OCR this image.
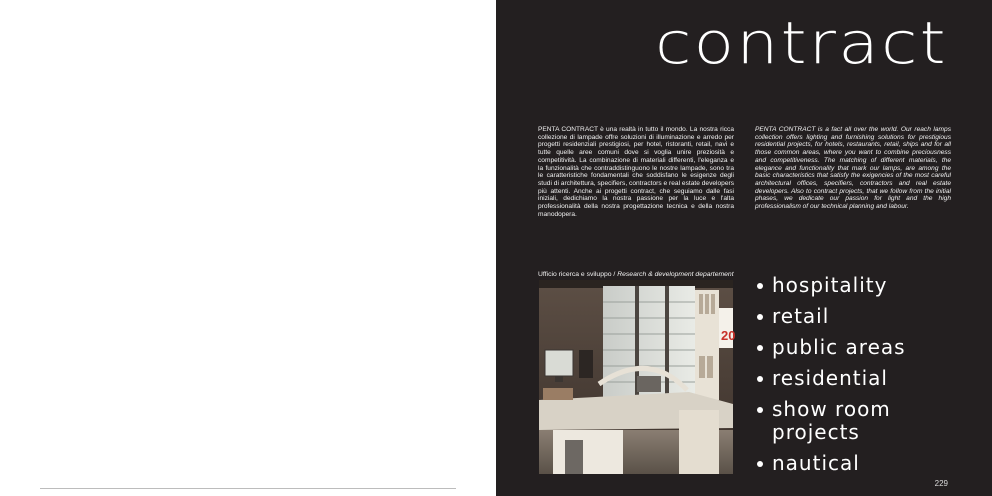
contract

PENTA CONTRACT è una realtà in tutto il mondo. La nostra ricca collezione di lampade offre soluzioni di illuminazione e arredo per progetti residenziali prestigiosi, per hotel, ristoranti, retail, navi e tutte quelle aree comuni dove si voglia unire preziosità e competitività. La combinazione di materiali differenti, l'eleganza e la funzionalità che contraddistinguono le nostre lampade, sono tra le caratteristiche fondamentali che soddisfano le esigenze degli studi di architettura, specifiers, contractors e real estate developers più attenti. Anche ai progetti contract, che seguiamo dalle fasi iniziali, dedichiamo la nostra passione per la luce e l'alta professionalità della nostra progettazione tecnica e della nostra manodopera.

PENTA CONTRACT is a fact all over the world. Our reach lamps collection offers lighting and furnishing solutions for prestigious residential projects, for hotels, restaurants, retail, ships and for all those common areas, where you want to combine preciousness and competitiveness. The matching of different materials, the elegance and functionality that mark our lamps, are among the basic characteristics that satisfy the exigencies of the most careful architectural offices, specifiers, contractors and real estate developers. Also to contract projects, that we follow from the initial phases, we dedicate our passion for light and the high professionalism of our technical planning and labour.

Ufficio ricerca e sviluppo / Research & development departement

20
hospitality
retail
public areas
residential
show room projects
nautical

229
